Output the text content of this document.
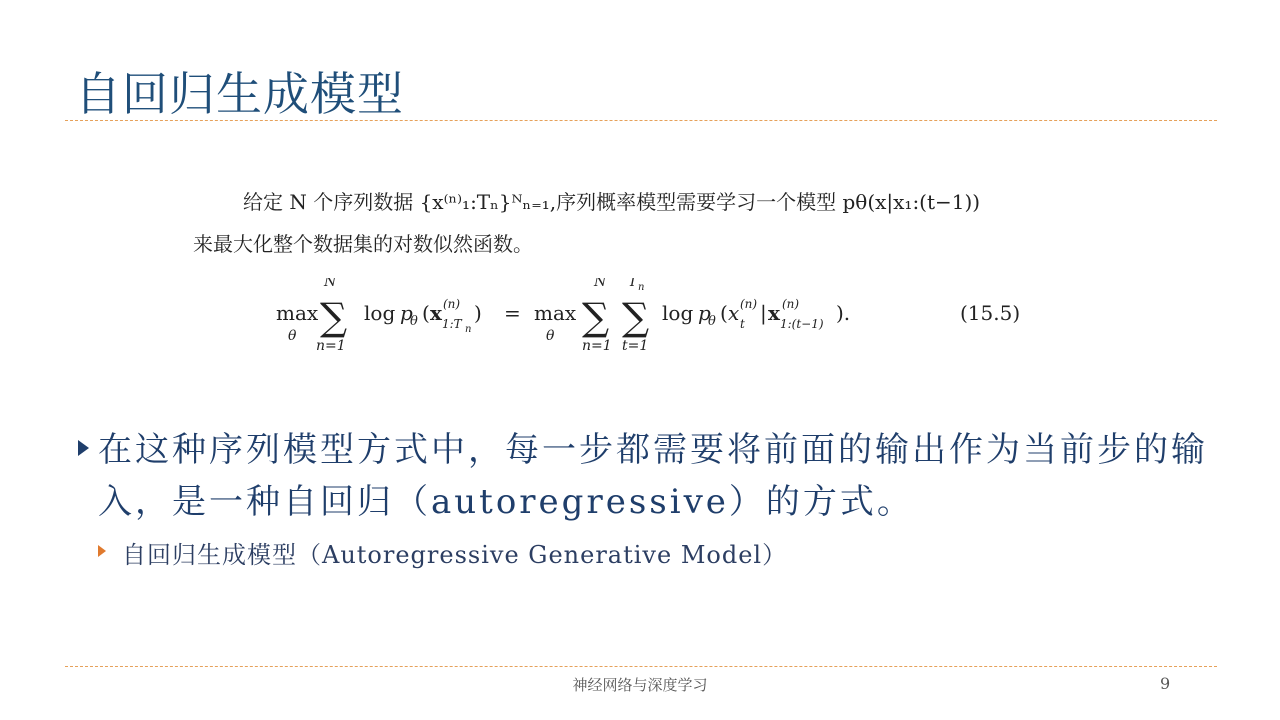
自回归生成模型
给定 N 个序列数据 {x⁽ⁿ⁾₁:Tₙ}ᴺₙ₌₁,序列概率模型需要学习一个模型 pθ(x|x₁:(t−1))
来最大化整个数据集的对数似然函数。
max
θ
N
∑
n=1
log p
θ ( x (n)
1:T n
) = max
θ
N
∑
n=1
T n
∑
t=1
log p
θ ( x (n)
t | x (n)
1:(t−1) ).	(15.5)
在这种序列模型方式中，每一步都需要将前面的输出作为当前步的输入，是一种自回归（autoregressive）的方式。
自回归生成模型（Autoregressive Generative Model）
神经网络与深度学习	9
